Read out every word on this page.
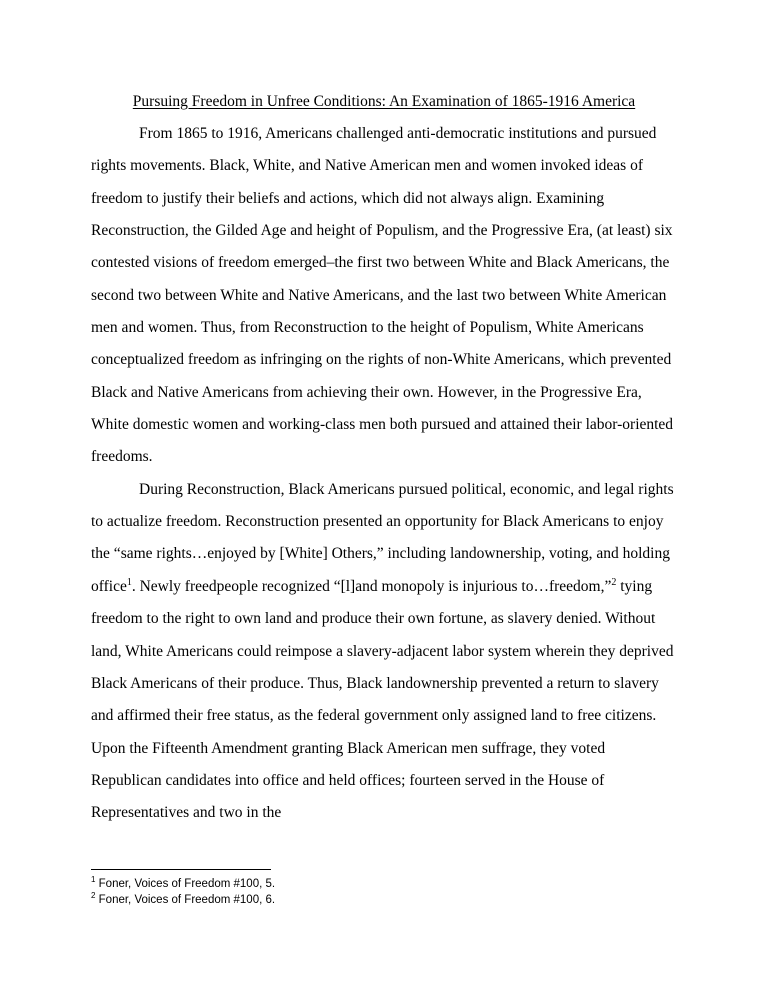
Pursuing Freedom in Unfree Conditions: An Examination of 1865-1916 America

From 1865 to 1916, Americans challenged anti-democratic institutions and pursued rights movements. Black, White, and Native American men and women invoked ideas of freedom to justify their beliefs and actions, which did not always align. Examining Reconstruction, the Gilded Age and height of Populism, and the Progressive Era, (at least) six contested visions of freedom emerged–the first two between White and Black Americans, the second two between White and Native Americans, and the last two between White American men and women. Thus, from Reconstruction to the height of Populism, White Americans conceptualized freedom as infringing on the rights of non-White Americans, which prevented Black and Native Americans from achieving their own. However, in the Progressive Era, White domestic women and working-class men both pursued and attained their labor-oriented freedoms.

During Reconstruction, Black Americans pursued political, economic, and legal rights to actualize freedom. Reconstruction presented an opportunity for Black Americans to enjoy the “same rights…enjoyed by [White] Others,” including landownership, voting, and holding office$^1$. Newly freedpeople recognized “[l]and monopoly is injurious to…freedom,”$^2$ tying freedom to the right to own land and produce their own fortune, as slavery denied. Without land, White Americans could reimpose a slavery-adjacent labor system wherein they deprived Black Americans of their produce. Thus, Black landownership prevented a return to slavery and affirmed their free status, as the federal government only assigned land to free citizens. Upon the Fifteenth Amendment granting Black American men suffrage, they voted Republican candidates into office and held offices; fourteen served in the House of Representatives and two in the

$^1$ Foner, Voices of Freedom #100, 5.
$^2$ Foner, Voices of Freedom #100, 6.
